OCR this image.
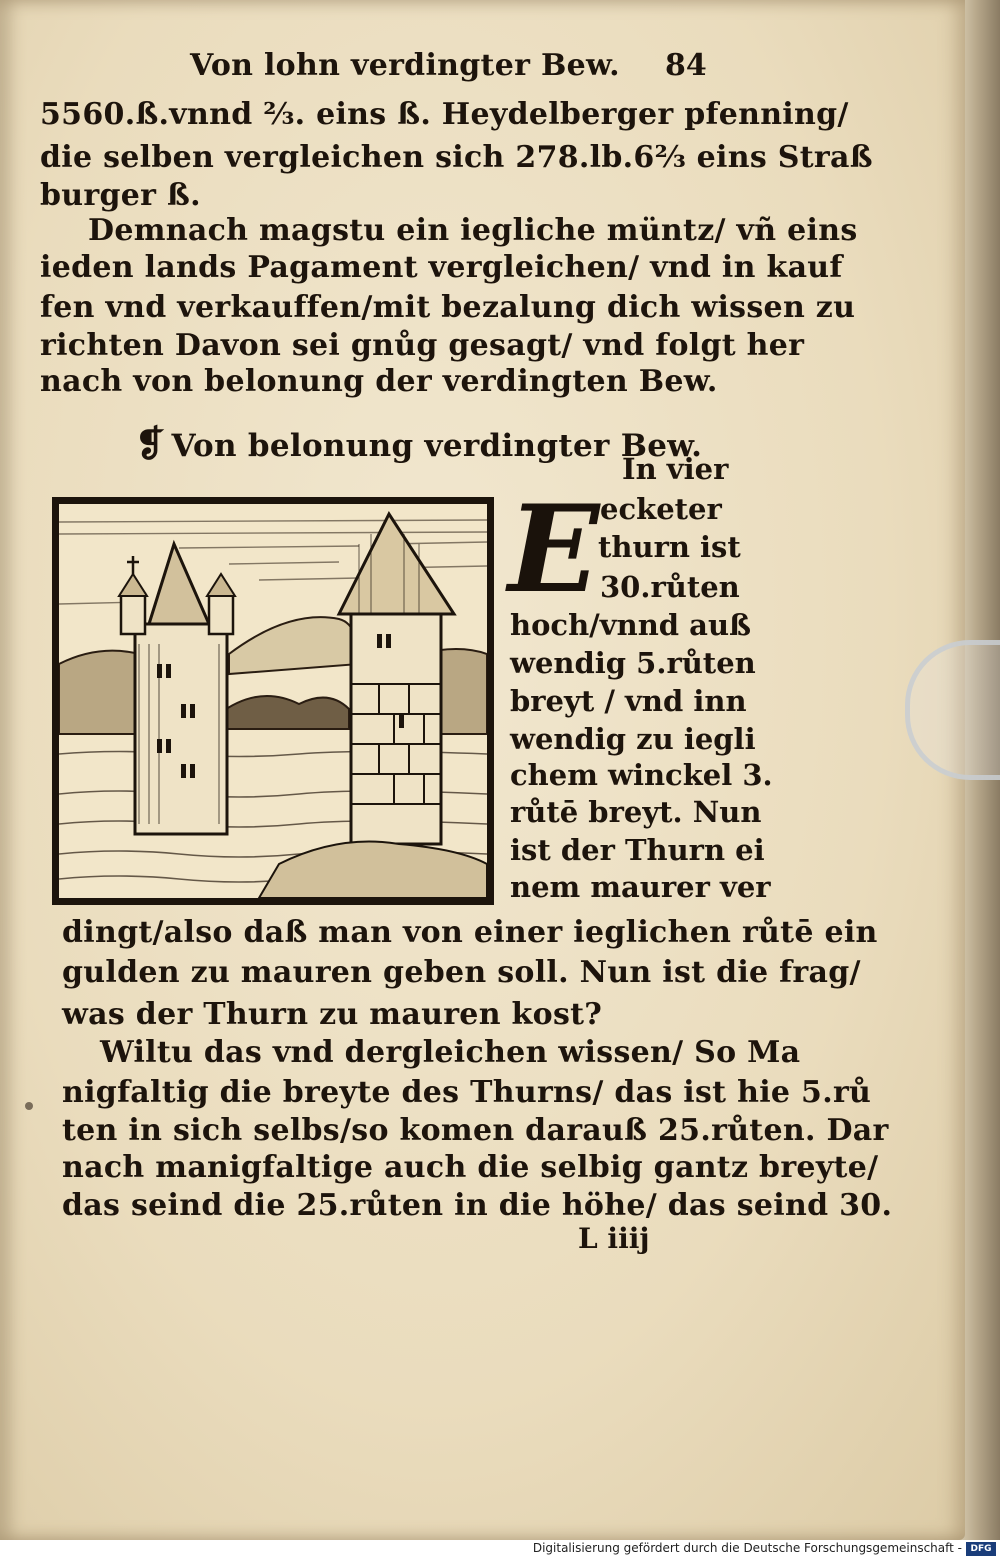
Von lohn verdingter Bew. 84
5560.ß.vnnd ⅔. eins ß. Heydelberger pfenning/
die selben vergleichen sich 278.lb.6⅔ eins Straß
burger ß.
Demnach magstu ein iegliche müntz/ vñ eins
ieden lands Pagament vergleichen/ vnd in kauf
fen vnd verkauffen/mit bezalung dich wissen zu
richten Davon sei gnůg gesagt/ vnd folgt her
nach von belonung der verdingten Bew.
❡ Von belonung verdingter Bew.
E
In vier
ecketer
thurn ist
30.růten
hoch/vnnd auß
wendig 5.růten
breyt / vnd inn
wendig zu iegli
chem winckel 3.
růtē breyt. Nun
ist der Thurn ei
nem maurer ver
dingt/also daß man von einer ieglichen růtē ein
gulden zu mauren geben soll. Nun ist die frag/
was der Thurn zu mauren kost?
Wiltu das vnd dergleichen wissen/ So Ma
nigfaltig die breyte des Thurns/ das ist hie 5.rů
ten in sich selbs/so komen darauß 25.růten. Dar
nach manigfaltige auch die selbig gantz breyte/
das seind die 25.růten in die höhe/ das seind 30.
L iiij
Digitalisierung gefördert durch die Deutsche Forschungsgemeinschaft - DFG
